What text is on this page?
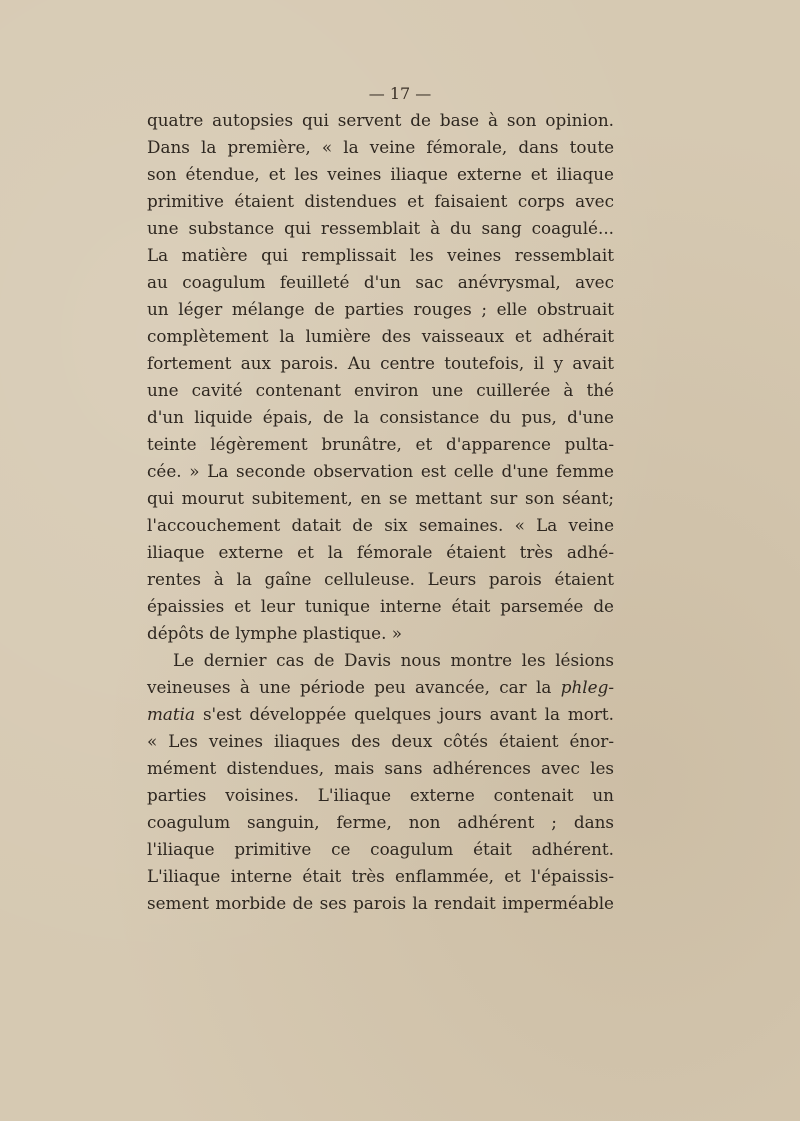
— 17 —
quatre autopsies qui servent de base à son opinion.
Dans la première, « la veine fémorale, dans toute
son étendue, et les veines iliaque externe et iliaque
primitive étaient distendues et faisaient corps avec
une substance qui ressemblait à du sang coagulé...
La matière qui remplissait les veines ressemblait
au coagulum feuilleté d'un sac anévrysmal, avec
un léger mélange de parties rouges ; elle obstruait
complètement la lumière des vaisseaux et adhérait
fortement aux parois. Au centre toutefois, il y avait
une cavité contenant environ une cuillerée à thé
d'un liquide épais, de la consistance du pus, d'une
teinte légèrement brunâtre, et d'apparence pulta-
cée. » La seconde observation est celle d'une femme
qui mourut subitement, en se mettant sur son séant;
l'accouchement datait de six semaines. « La veine
iliaque externe et la fémorale étaient très adhé-
rentes à la gaîne celluleuse. Leurs parois étaient
épaissies et leur tunique interne était parsemée de
dépôts de lymphe plastique. »
Le dernier cas de Davis nous montre les lésions
veineuses à une période peu avancée, car la phleg-
matia s'est développée quelques jours avant la mort.
« Les veines iliaques des deux côtés étaient énor-
mément distendues, mais sans adhérences avec les
parties voisines. L'iliaque externe contenait un
coagulum sanguin, ferme, non adhérent ; dans
l'iliaque primitive ce coagulum était adhérent.
L'iliaque interne était très enflammée, et l'épaissis-
sement morbide de ses parois la rendait imperméable
